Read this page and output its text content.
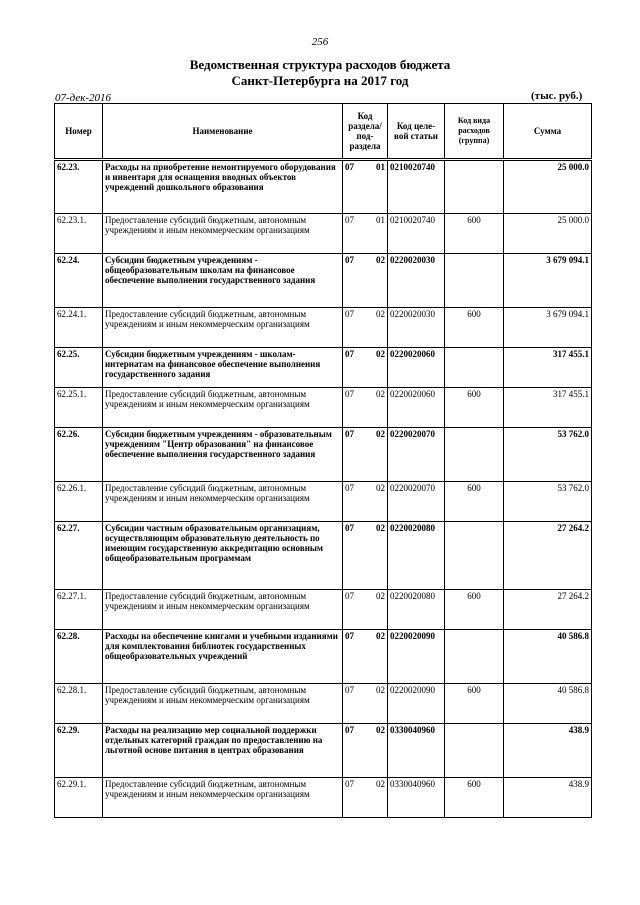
256
Ведомственная структура расходов бюджета
Санкт-Петербурга на 2017 год
07-дек-2016	(тыс. руб.)
Номер	Наименование	Код раздела/ под- раздела	Код целе- вой статьи	Код вида расходов (группа)	Сумма
62.23.	Расходы на приобретение немонтируемого оборудования и инвентаря для оснащения вводных объектов учреждений дошкольного образования	07 01	0210020740		25 000.0
62.23.1.	Предоставление субсидий бюджетным, автономным учреждениям и иным некоммерческим организациям	07 01	0210020740	600	25 000.0
62.24.	Субсидии бюджетным учреждениям - общеобразовательным школам на финансовое обеспечение выполнения государственного задания	07 02	0220020030		3 679 094.1
62.24.1.	Предоставление субсидий бюджетным, автономным учреждениям и иным некоммерческим организациям	07 02	0220020030	600	3 679 094.1
62.25.	Субсидии бюджетным учреждениям - школам-интернатам на финансовое обеспечение выполнения государственного задания	07 02	0220020060		317 455.1
62.25.1.	Предоставление субсидий бюджетным, автономным учреждениям и иным некоммерческим организациям	07 02	0220020060	600	317 455.1
62.26.	Субсидии бюджетным учреждениям - образовательным учреждениям "Центр образования" на финансовое обеспечение выполнения государственного задания	07 02	0220020070		53 762.0
62.26.1.	Предоставление субсидий бюджетным, автономным учреждениям и иным некоммерческим организациям	07 02	0220020070	600	53 762.0
62.27.	Субсидии частным образовательным организациям, осуществляющим образовательную деятельность по имеющим государственную аккредитацию основным общеобразовательным программам	07 02	0220020080		27 264.2
62.27.1.	Предоставление субсидий бюджетным, автономным учреждениям и иным некоммерческим организациям	07 02	0220020080	600	27 264.2
62.28.	Расходы на обеспечение книгами и учебными изданиями для комплектования библиотек государственных общеобразовательных учреждений	07 02	0220020090		40 586.8
62.28.1.	Предоставление субсидий бюджетным, автономным учреждениям и иным некоммерческим организациям	07 02	0220020090	600	40 586.8
62.29.	Расходы на реализацию мер социальной поддержки отдельных категорий граждан по предоставлению на льготной основе питания в центрах образования	07 02	0330040960		438.9
62.29.1.	Предоставление субсидий бюджетным, автономным учреждениям и иным некоммерческим организациям	07 02	0330040960	600	438.9
